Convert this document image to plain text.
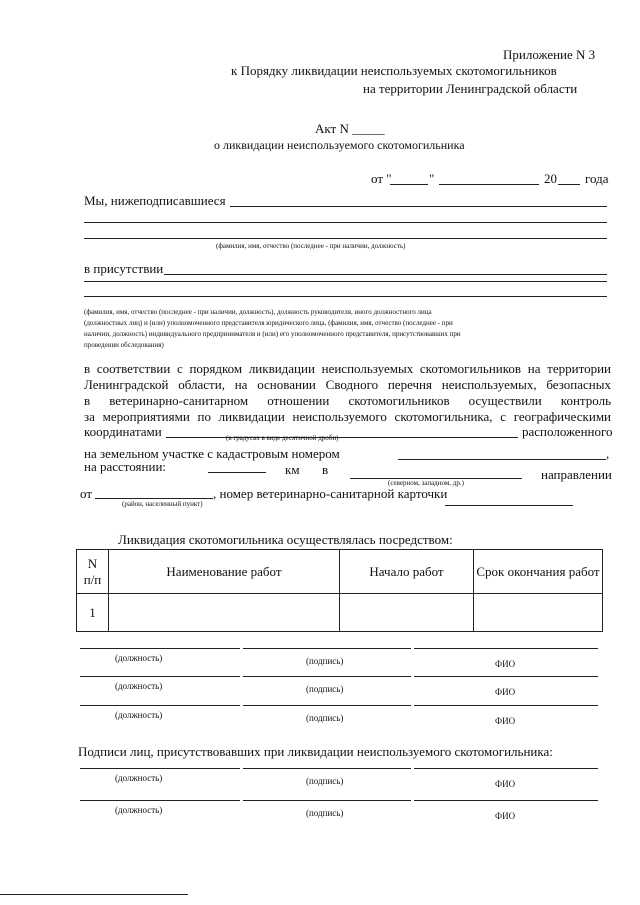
Приложение N 3
к Порядку ликвидации неиспользуемых скотомогильников
на территории Ленинградской области
Акт N _____
о ликвидации неиспользуемого скотомогильника
от "	"	20 года
Мы, нижеподписавшиеся
(фамилия, имя, отчество (последнее - при наличии, должность)
в присутствии
(фамилия, имя, отчество (последнее - при наличии, должность), должность руководителя, иного должностного лица
(должностных лиц) и (или) уполномоченного представителя юридического лица, (фамилия, имя, отчество (последнее - при
наличии, должность) индивидуального предпринимателя и (или) его уполномоченного представителя, присутствовавших при
проведении обследования)
в соответствии с порядком ликвидации неиспользуемых скотомогильников на территории
Ленинградской области, на основании Сводного перечня неиспользуемых, безопасных
в ветеринарно-санитарном отношении скотомогильников осуществили контроль
за мероприятиями по ликвидации неиспользуемого скотомогильника, с географическими
координатами	расположенного
(в градусах в виде десятичной дроби)
на земельном участке с кадастровым номером	,
на расстоянии:	км в
(северном, западном, др.)
направлении
от	, номер ветеринарно-санитарной карточки
(район, населенный пункт)
Ликвидация скотомогильника осуществлялась посредством:
N
п/п	Наименование работ	Начало работ	Срок окончания работ
1			
(должность)	(подпись)	ФИО
(должность)	(подпись)	ФИО
(должность)	(подпись)	ФИО
Подписи лиц, присутствовавших при ликвидации неиспользуемого скотомогильника:
(должность)	(подпись)	ФИО
(должность)	(подпись)	ФИО
